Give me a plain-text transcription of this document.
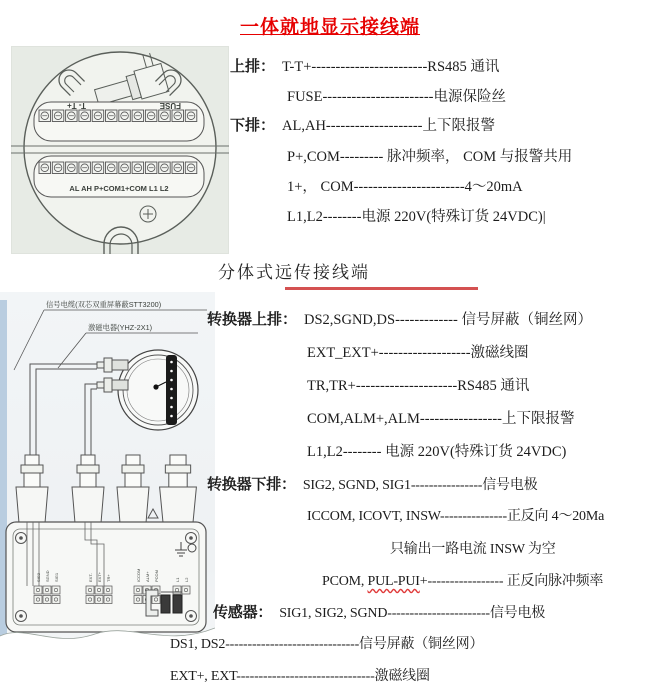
一体就地显示接线端
T- T+	FUSE
AL AH P+COM1+COM L1 L2
上排： T-T+------------------------RS485 通讯
FUSE-----------------------电源保险丝
下排： AL,AH--------------------上下限报警
P+,COM--------- 脉冲频率， COM 与报警共用
1+， COM-----------------------4～20mA
L1,L2--------电源 220V(特殊订货 24VDC)|
分体式远传接线端
信号电缆(双芯双重屏幕蔽STT3200)
激磁电器(YHZ-2X1)
SIG2 SGND SIG1	EXT- EXT+ TR+	ICCOM ALM+ PCOM	L1 L2
转换器上排： DS2,SGND,DS------------- 信号屏蔽（铜丝网）
EXT_EXT+-------------------激磁线圈
TR,TR+---------------------RS485 通讯
COM,ALM+,ALM-----------------上下限报警
L1,L2-------- 电源 220V(特殊订货 24VDC)
转换器下排： SIG2, SGND, SIG1----------------信号电极
ICCOM, ICOVT, INSW---------------正反向 4～20Ma
只输出一路电流 INSW 为空
PCOM, PUL-PUI+----------------- 正反向脉冲频率
传感器： SIG1, SIG2, SGND-----------------------信号电极
DS1, DS2------------------------------信号屏蔽（铜丝网）
EXT+, EXT-------------------------------激磁线圈
